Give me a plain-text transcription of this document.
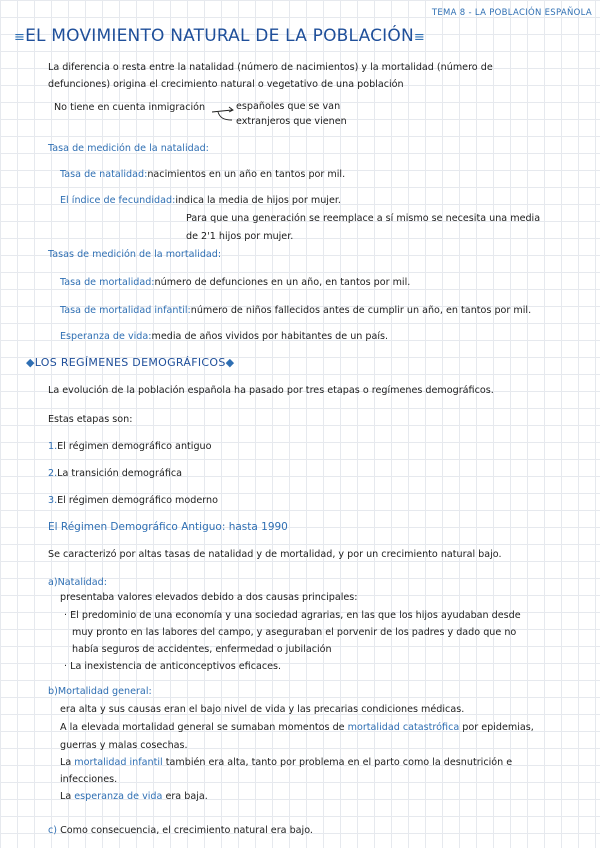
TEMA 8 - LA POBLACIÓN ESPAÑOLA
≡EL MOVIMIENTO NATURAL DE LA POBLACIÓN≡
La diferencia o resta entre la natalidad (número de nacimientos) y la mortalidad (número de
defunciones) origina el crecimiento natural o vegetativo de una población
No tiene en cuenta inmigración	españoles que se van
extranjeros que vienen
Tasa de medición de la natalidad:
Tasa de natalidad:nacimientos en un año en tantos por mil.
El índice de fecundidad:indica la media de hijos por mujer.
Para que una generación se reemplace a sí mismo se necesita una media
de 2'1 hijos por mujer.
Tasas de medición de la mortalidad:
Tasa de mortalidad:número de defunciones en un año, en tantos por mil.
Tasa de mortalidad infantil:número de niños fallecidos antes de cumplir un año, en tantos por mil.
Esperanza de vida:media de años vividos por habitantes de un país.
◆LOS REGÍMENES DEMOGRÁFICOS◆
La evolución de la población española ha pasado por tres etapas o regímenes demográficos.
Estas etapas son:
1.El régimen demográfico antiguo
2.La transición demográfica
3.El régimen demográfico moderno
El Régimen Demográfico Antiguo: hasta 1990
Se caracterizó por altas tasas de natalidad y de mortalidad, y por un crecimiento natural bajo.
a)Natalidad:
presentaba valores elevados debido a dos causas principales:
· El predominio de una economía y una sociedad agrarias, en las que los hijos ayudaban desde
muy pronto en las labores del campo, y aseguraban el porvenir de los padres y dado que no
había seguros de accidentes, enfermedad o jubilación
· La inexistencia de anticonceptivos eficaces.
b)Mortalidad general:
era alta y sus causas eran el bajo nivel de vida y las precarias condiciones médicas.
A la elevada mortalidad general se sumaban momentos de mortalidad catastrófica por epidemias,
guerras y malas cosechas.
La mortalidad infantil también era alta, tanto por problema en el parto como la desnutrición e
infecciones.
La esperanza de vida era baja.
c) Como consecuencia, el crecimiento natural era bajo.
